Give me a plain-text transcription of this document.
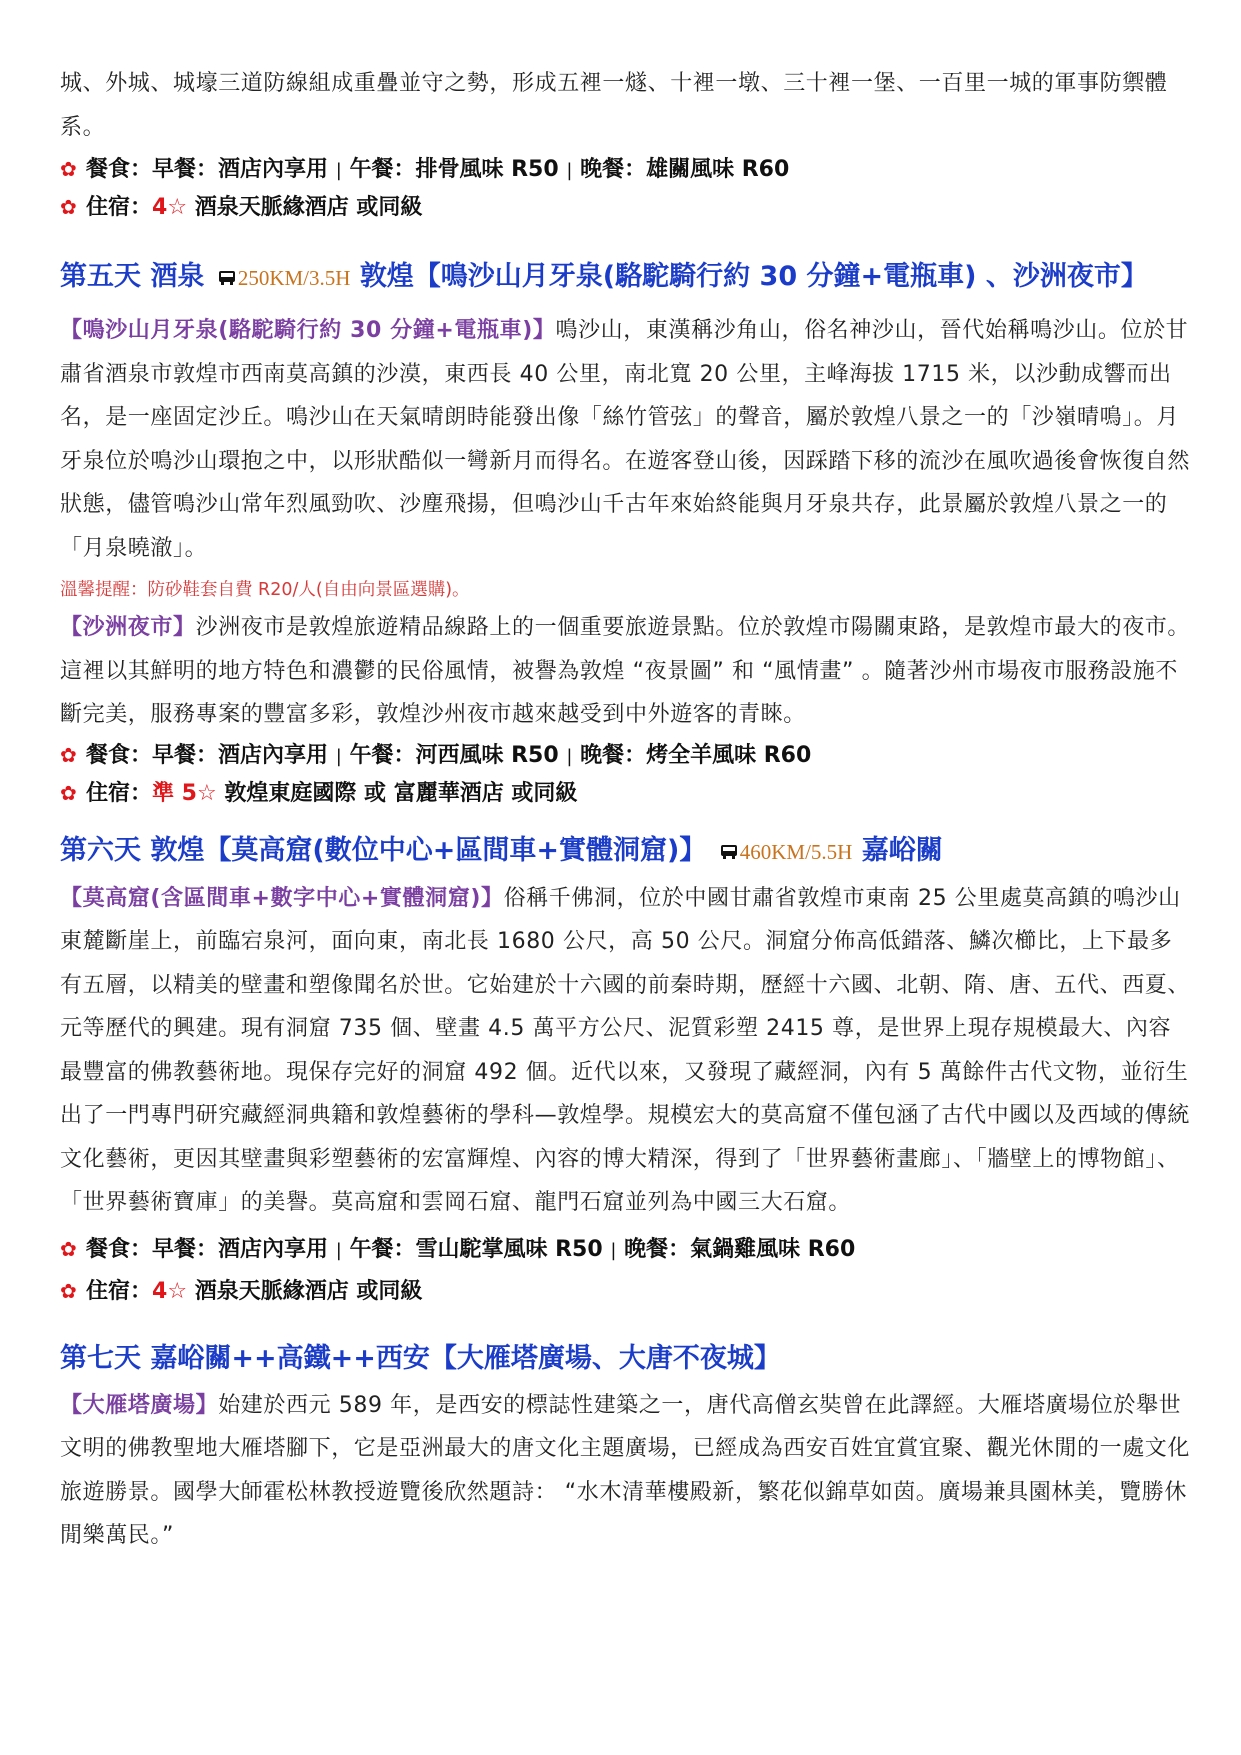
城、外城、城壕三道防線組成重疊並守之勢，形成五裡一燧、十裡一墩、三十裡一堡、一百里一城的軍事防禦體系。

✿ 餐食：早餐：酒店內享用 | 午餐：排骨風味 R50 | 晚餐：雄關風味 R60

✿ 住宿：4☆ 酒泉天脈緣酒店 或同級

第五天 酒泉 250KM/3.5H 敦煌【鳴沙山月牙泉(駱駝騎行約 30 分鐘+電瓶車) 、沙洲夜市】

【鳴沙山月牙泉(駱駝騎行約 30 分鐘+電瓶車)】鳴沙山，東漢稱沙角山，俗名神沙山，晉代始稱鳴沙山。位於甘肅省酒泉市敦煌市西南莫高鎮的沙漠，東西長 40 公里，南北寬 20 公里，主峰海拔 1715 米，以沙動成響而出名，是一座固定沙丘。鳴沙山在天氣晴朗時能發出像「絲竹管弦」的聲音，屬於敦煌八景之一的「沙嶺晴鳴」。月牙泉位於鳴沙山環抱之中，以形狀酷似一彎新月而得名。在遊客登山後，因踩踏下移的流沙在風吹過後會恢復自然狀態，儘管鳴沙山常年烈風勁吹、沙塵飛揚，但鳴沙山千古年來始終能與月牙泉共存，此景屬於敦煌八景之一的「月泉曉澈」。

溫馨提醒：防砂鞋套自費 R20/人(自由向景區選購)。

【沙洲夜市】沙洲夜市是敦煌旅遊精品線路上的一個重要旅遊景點。位於敦煌市陽關東路，是敦煌市最大的夜市。 這裡以其鮮明的地方特色和濃鬱的民俗風情，被譽為敦煌 “夜景圖” 和 “風情畫” 。隨著沙州市場夜市服務設施不斷完美，服務專案的豐富多彩，敦煌沙州夜市越來越受到中外遊客的青睞。

✿ 餐食：早餐：酒店內享用 | 午餐：河西風味 R50 | 晚餐：烤全羊風味 R60

✿ 住宿：準 5☆ 敦煌東庭國際 或 富麗華酒店 或同級

第六天 敦煌【莫高窟(數位中心+區間車+實體洞窟)】 460KM/5.5H 嘉峪關

【莫高窟(含區間車+數字中心+實體洞窟)】俗稱千佛洞，位於中國甘肅省敦煌市東南 25 公里處莫高鎮的鳴沙山東麓斷崖上，前臨宕泉河，面向東，南北長 1680 公尺，高 50 公尺。洞窟分佈高低錯落、鱗次櫛比，上下最多有五層，以精美的壁畫和塑像聞名於世。它始建於十六國的前秦時期，歷經十六國、北朝、隋、唐、五代、西夏、元等歷代的興建。現有洞窟 735 個、壁畫 4.5 萬平方公尺、泥質彩塑 2415 尊，是世界上現存規模最大、內容最豐富的佛教藝術地。現保存完好的洞窟 492 個。近代以來，又發現了藏經洞，內有 5 萬餘件古代文物，並衍生出了一門專門研究藏經洞典籍和敦煌藝術的學科—敦煌學。規模宏大的莫高窟不僅包涵了古代中國以及西域的傳統文化藝術，更因其壁畫與彩塑藝術的宏富輝煌、內容的博大精深，得到了「世界藝術畫廊」、「牆壁上的博物館」、「世界藝術寶庫」的美譽。莫高窟和雲岡石窟、龍門石窟並列為中國三大石窟。

✿ 餐食：早餐：酒店內享用 | 午餐：雪山駝掌風味 R50 | 晚餐：氣鍋雞風味 R60

✿ 住宿：4☆ 酒泉天脈緣酒店 或同級

第七天 嘉峪關++高鐵++西安【大雁塔廣場、大唐不夜城】

【大雁塔廣場】始建於西元 589 年，是西安的標誌性建築之一，唐代高僧玄奘曾在此譯經。大雁塔廣場位於舉世文明的佛教聖地大雁塔腳下，它是亞洲最大的唐文化主題廣場，已經成為西安百姓宜賞宜聚、觀光休閒的一處文化旅遊勝景。國學大師霍松林教授遊覽後欣然題詩： “水木清華樓殿新，繁花似錦草如茵。廣場兼具園林美，覽勝休閒樂萬民。”
